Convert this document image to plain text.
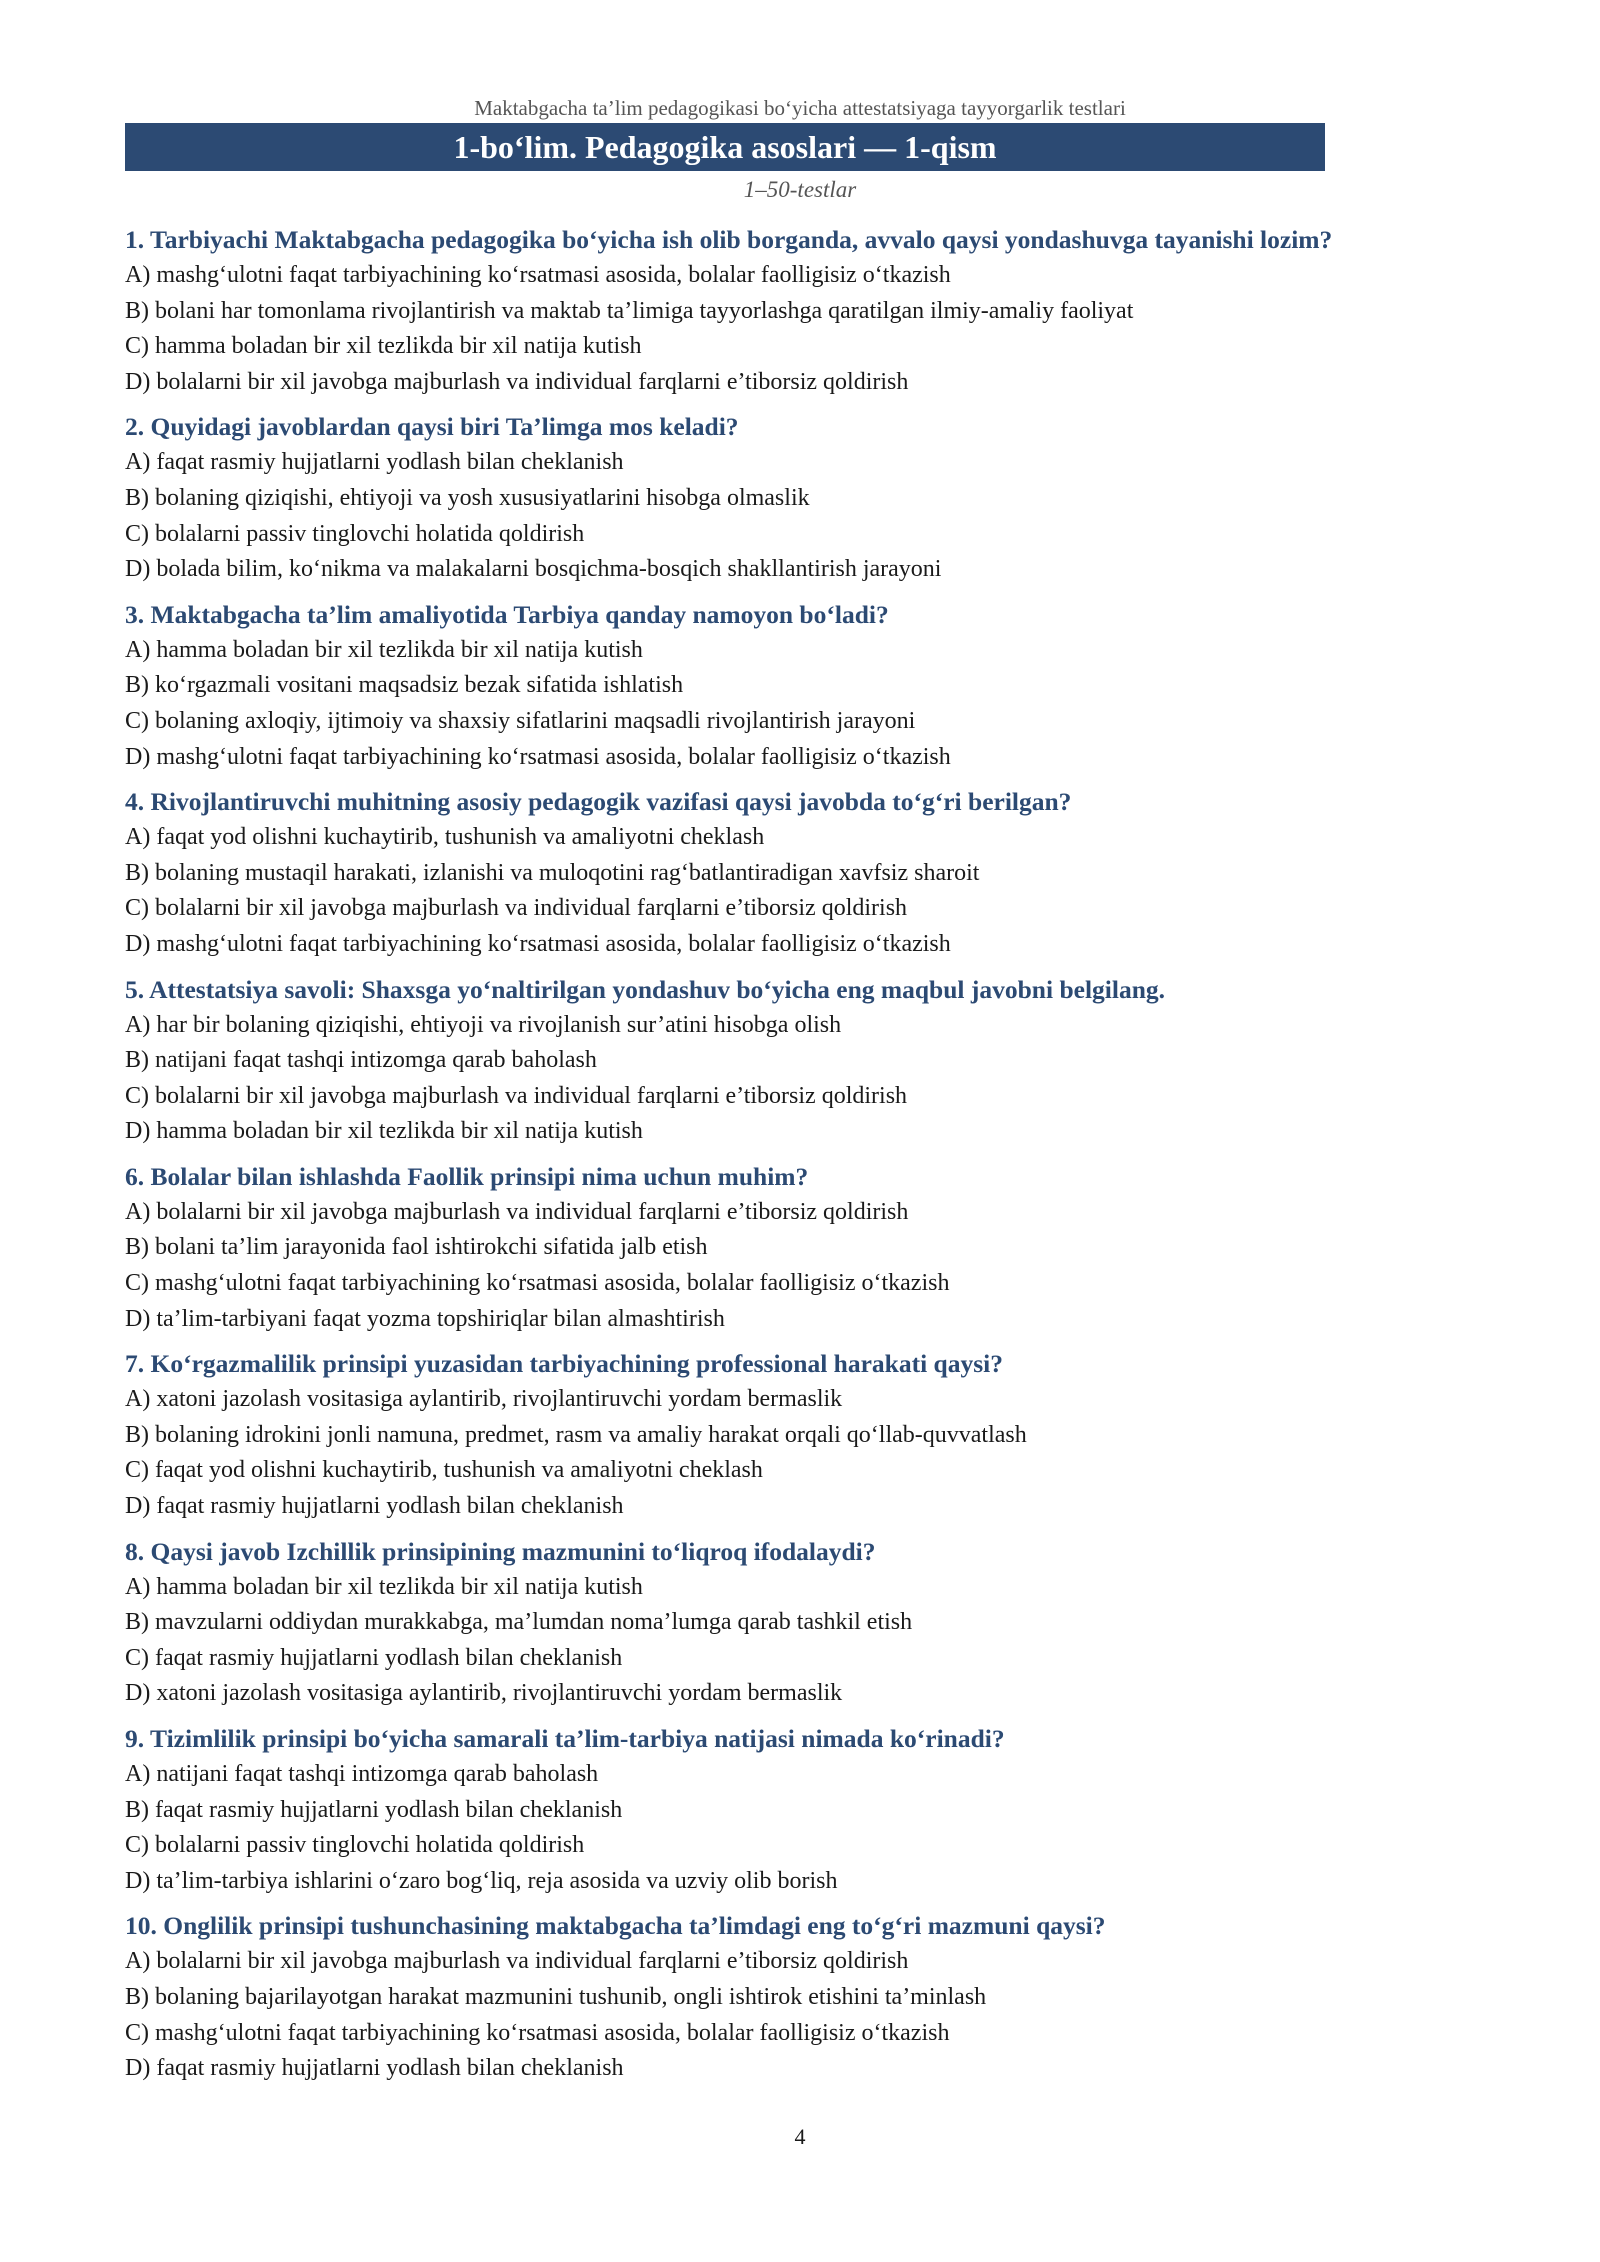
Maktabgacha ta’lim pedagogikasi bo‘yicha attestatsiyaga tayyorgarlik testlari
1-bo‘lim. Pedagogika asoslari — 1-qism
1–50-testlar
1. Tarbiyachi Maktabgacha pedagogika bo‘yicha ish olib borganda, avvalo qaysi yondashuvga tayanishi lozim?
A) mashg‘ulotni faqat tarbiyachining ko‘rsatmasi asosida, bolalar faolligisiz o‘tkazish
B) bolani har tomonlama rivojlantirish va maktab ta’limiga tayyorlashga qaratilgan ilmiy-amaliy faoliyat
C) hamma boladan bir xil tezlikda bir xil natija kutish
D) bolalarni bir xil javobga majburlash va individual farqlarni e’tiborsiz qoldirish
2. Quyidagi javoblardan qaysi biri Ta’limga mos keladi?
A) faqat rasmiy hujjatlarni yodlash bilan cheklanish
B) bolaning qiziqishi, ehtiyoji va yosh xususiyatlarini hisobga olmaslik
C) bolalarni passiv tinglovchi holatida qoldirish
D) bolada bilim, ko‘nikma va malakalarni bosqichma-bosqich shakllantirish jarayoni
3. Maktabgacha ta’lim amaliyotida Tarbiya qanday namoyon bo‘ladi?
A) hamma boladan bir xil tezlikda bir xil natija kutish
B) ko‘rgazmali vositani maqsadsiz bezak sifatida ishlatish
C) bolaning axloqiy, ijtimoiy va shaxsiy sifatlarini maqsadli rivojlantirish jarayoni
D) mashg‘ulotni faqat tarbiyachining ko‘rsatmasi asosida, bolalar faolligisiz o‘tkazish
4. Rivojlantiruvchi muhitning asosiy pedagogik vazifasi qaysi javobda to‘g‘ri berilgan?
A) faqat yod olishni kuchaytirib, tushunish va amaliyotni cheklash
B) bolaning mustaqil harakati, izlanishi va muloqotini rag‘batlantiradigan xavfsiz sharoit
C) bolalarni bir xil javobga majburlash va individual farqlarni e’tiborsiz qoldirish
D) mashg‘ulotni faqat tarbiyachining ko‘rsatmasi asosida, bolalar faolligisiz o‘tkazish
5. Attestatsiya savoli: Shaxsga yo‘naltirilgan yondashuv bo‘yicha eng maqbul javobni belgilang.
A) har bir bolaning qiziqishi, ehtiyoji va rivojlanish sur’atini hisobga olish
B) natijani faqat tashqi intizomga qarab baholash
C) bolalarni bir xil javobga majburlash va individual farqlarni e’tiborsiz qoldirish
D) hamma boladan bir xil tezlikda bir xil natija kutish
6. Bolalar bilan ishlashda Faollik prinsipi nima uchun muhim?
A) bolalarni bir xil javobga majburlash va individual farqlarni e’tiborsiz qoldirish
B) bolani ta’lim jarayonida faol ishtirokchi sifatida jalb etish
C) mashg‘ulotni faqat tarbiyachining ko‘rsatmasi asosida, bolalar faolligisiz o‘tkazish
D) ta’lim-tarbiyani faqat yozma topshiriqlar bilan almashtirish
7. Ko‘rgazmalilik prinsipi yuzasidan tarbiyachining professional harakati qaysi?
A) xatoni jazolash vositasiga aylantirib, rivojlantiruvchi yordam bermaslik
B) bolaning idrokini jonli namuna, predmet, rasm va amaliy harakat orqali qo‘llab-quvvatlash
C) faqat yod olishni kuchaytirib, tushunish va amaliyotni cheklash
D) faqat rasmiy hujjatlarni yodlash bilan cheklanish
8. Qaysi javob Izchillik prinsipining mazmunini to‘liqroq ifodalaydi?
A) hamma boladan bir xil tezlikda bir xil natija kutish
B) mavzularni oddiydan murakkabga, ma’lumdan noma’lumga qarab tashkil etish
C) faqat rasmiy hujjatlarni yodlash bilan cheklanish
D) xatoni jazolash vositasiga aylantirib, rivojlantiruvchi yordam bermaslik
9. Tizimlilik prinsipi bo‘yicha samarali ta’lim-tarbiya natijasi nimada ko‘rinadi?
A) natijani faqat tashqi intizomga qarab baholash
B) faqat rasmiy hujjatlarni yodlash bilan cheklanish
C) bolalarni passiv tinglovchi holatida qoldirish
D) ta’lim-tarbiya ishlarini o‘zaro bog‘liq, reja asosida va uzviy olib borish
10. Onglilik prinsipi tushunchasining maktabgacha ta’limdagi eng to‘g‘ri mazmuni qaysi?
A) bolalarni bir xil javobga majburlash va individual farqlarni e’tiborsiz qoldirish
B) bolaning bajarilayotgan harakat mazmunini tushunib, ongli ishtirok etishini ta’minlash
C) mashg‘ulotni faqat tarbiyachining ko‘rsatmasi asosida, bolalar faolligisiz o‘tkazish
D) faqat rasmiy hujjatlarni yodlash bilan cheklanish
4
